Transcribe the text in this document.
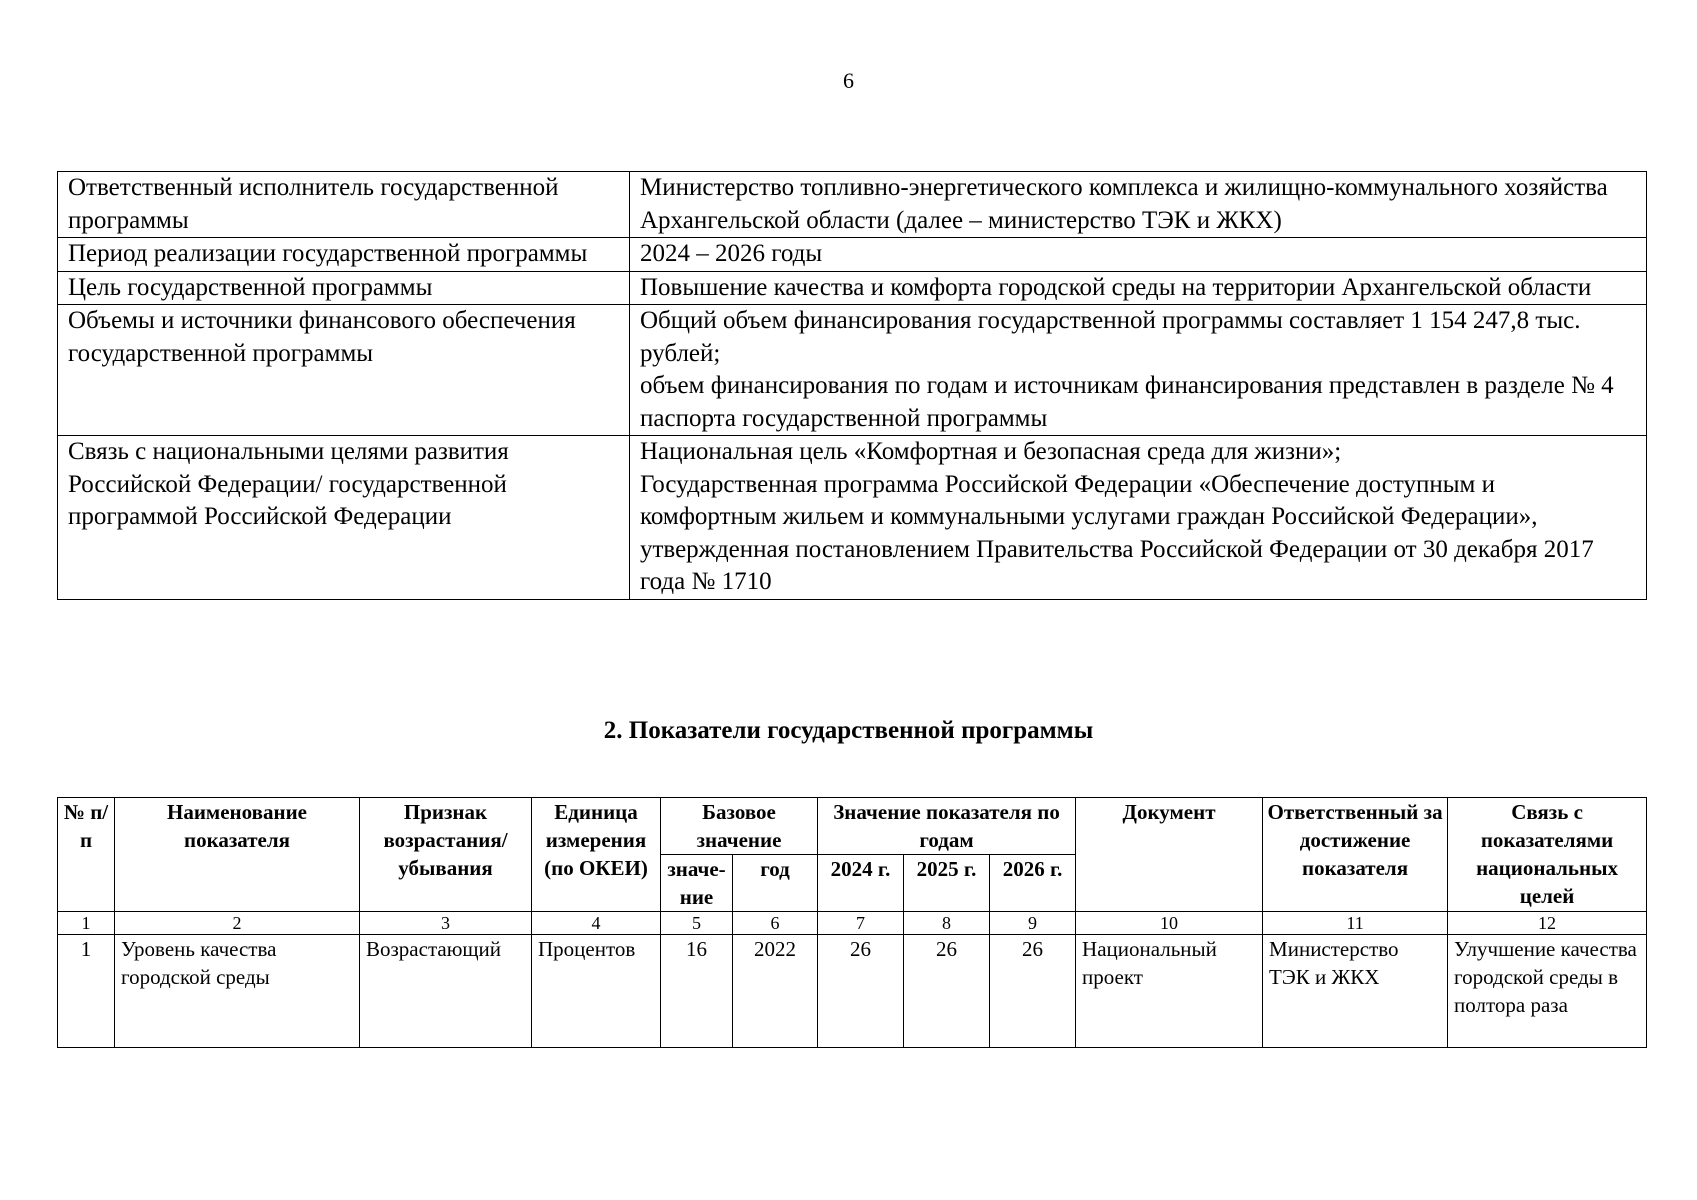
6
Ответственный исполнитель государственной программы	Министерство топливно-энергетического комплекса и жилищно-коммунального хозяйства Архангельской области (далее – министерство ТЭК и ЖКХ)
Период реализации государственной программы	2024 – 2026 годы
Цель государственной программы	Повышение качества и комфорта городской среды на территории Архангельской области
Объемы и источники финансового обеспечения государственной программы	Общий объем финансирования государственной программы составляет 1 154 247,8 тыс. рублей;
объем финансирования по годам и источникам финансирования представлен в разделе № 4 паспорта государственной программы

Связь с национальными целями развития Российской Федерации/ государственной программой Российской Федерации	Национальная цель «Комфортная и безопасная среда для жизни»;
Государственная программа Российской Федерации «Обеспечение доступным и комфортным жильем и коммунальными услугами граждан Российской Федерации», утвержденная постановлением Правительства Российской Федерации от 30 декабря 2017 года № 1710
2. Показатели государственной программы
№ п/п	Наименование показателя	Признак возрастания/ убывания	Единица измерения (по ОКЕИ)	Базовое значение		Значение показателя по годам			Документ	Ответственный за достижение показателя	Связь с показателями национальных целей
				значе-ние	год	2024 г.	2025 г.	2026 г.			
1	2	3	4	5	6	7	8	9	10	11	12
1	Уровень качества городской среды	Возрастающий	Процентов	16	2022	26	26	26	Национальный проект	Министерство ТЭК и ЖКХ	Улучшение качества городской среды в полтора раза
